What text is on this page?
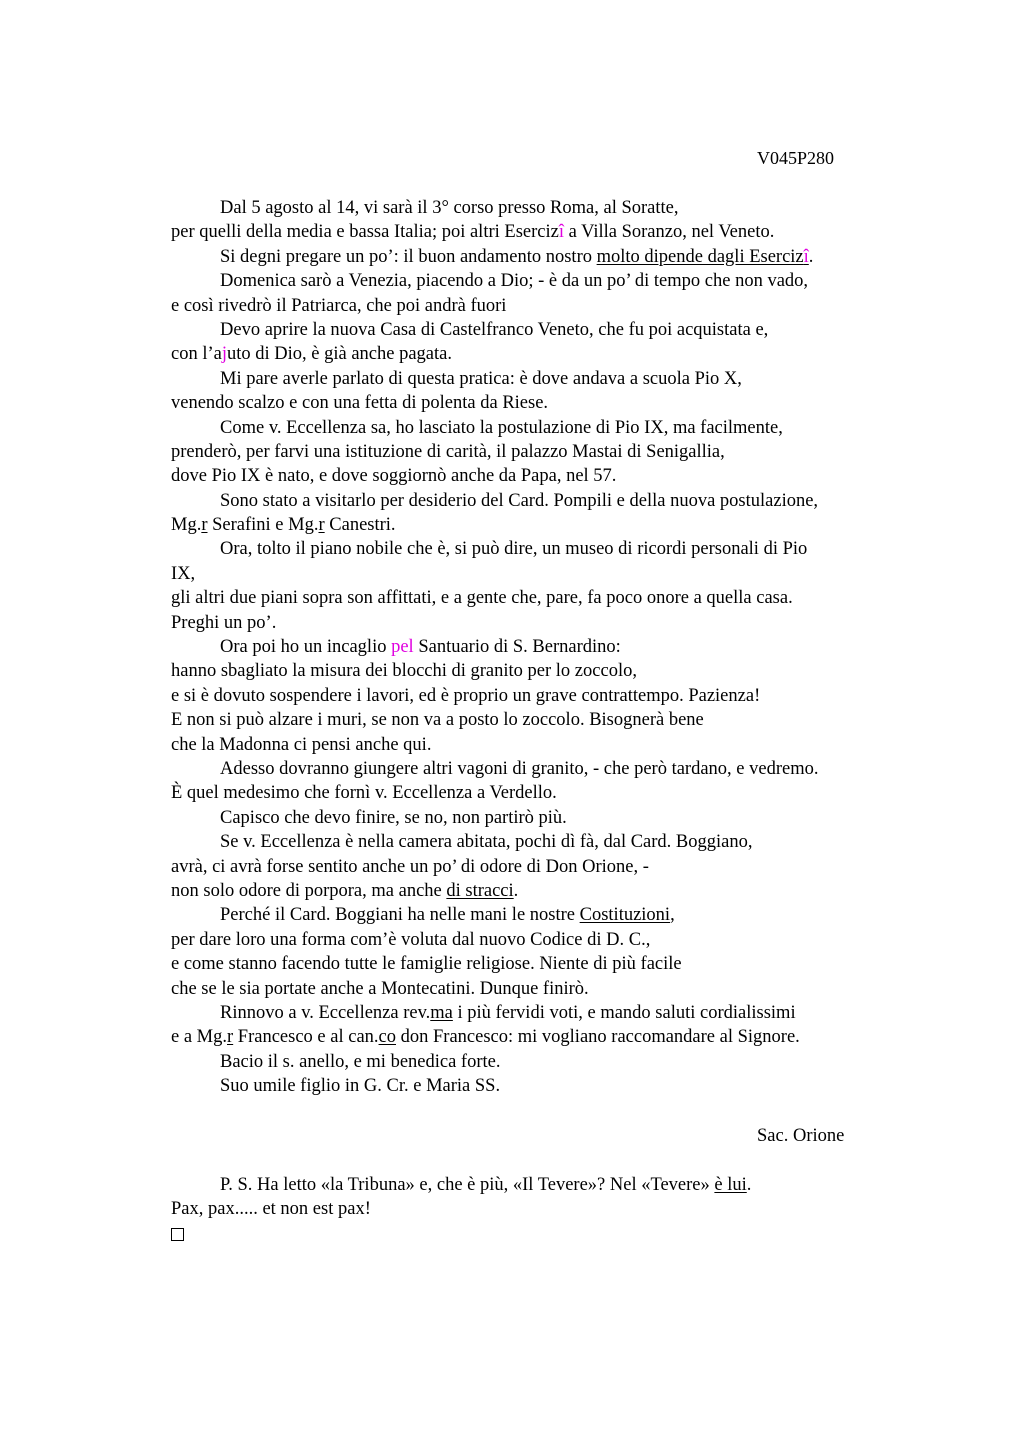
V045P280
Dal 5 agosto al 14, vi sarà il 3° corso presso Roma, al Soratte,
per quelli della media e bassa Italia; poi altri Esercizî a Villa Soranzo, nel Veneto.
Si degni pregare un po’: il buon andamento nostro molto dipende dagli Esercizî.
Domenica sarò a Venezia, piacendo a Dio; - è da un po’ di tempo che non vado,
e così rivedrò il Patriarca, che poi andrà fuori
Devo aprire la nuova Casa di Castelfranco Veneto, che fu poi acquistata e,
con l’ajuto di Dio, è già anche pagata.
Mi pare averle parlato di questa pratica: è dove andava a scuola Pio X,
venendo scalzo e con una fetta di polenta da Riese.
Come v. Eccellenza sa, ho lasciato la postulazione di Pio IX, ma facilmente,
prenderò, per farvi una istituzione di carità, il palazzo Mastai di Senigallia,
dove Pio IX è nato, e dove soggiornò anche da Papa, nel 57.
Sono stato a visitarlo per desiderio del Card. Pompili e della nuova postulazione,
Mg.r Serafini e Mg.r Canestri.
Ora, tolto il piano nobile che è, si può dire, un museo di ricordi personali di Pio
IX,
gli altri due piani sopra son affittati, e a gente che, pare, fa poco onore a quella casa.
Preghi un po’.
Ora poi ho un incaglio pel Santuario di S. Bernardino:
hanno sbagliato la misura dei blocchi di granito per lo zoccolo,
e si è dovuto sospendere i lavori, ed è proprio un grave contrattempo. Pazienza!
E non si può alzare i muri, se non va a posto lo zoccolo. Bisognerà bene
che la Madonna ci pensi anche qui.
Adesso dovranno giungere altri vagoni di granito, - che però tardano, e vedremo.
È quel medesimo che fornì v. Eccellenza a Verdello.
Capisco che devo finire, se no, non partirò più.
Se v. Eccellenza è nella camera abitata, pochi dì fà, dal Card. Boggiano,
avrà, ci avrà forse sentito anche un po’ di odore di Don Orione, -
non solo odore di porpora, ma anche di stracci.
Perché il Card. Boggiani ha nelle mani le nostre Costituzioni,
per dare loro una forma com’è voluta dal nuovo Codice di D. C.,
e come stanno facendo tutte le famiglie religiose. Niente di più facile
che se le sia portate anche a Montecatini. Dunque finirò.
Rinnovo a v. Eccellenza rev.ma i più fervidi voti, e mando saluti cordialissimi
e a Mg.r Francesco e al can.co don Francesco: mi vogliano raccomandare al Signore.
Bacio il s. anello, e mi benedica forte.
Suo umile figlio in G. Cr. e Maria SS.
Sac. Orione
P. S. Ha letto «la Tribuna» e, che è più, «Il Tevere»? Nel «Tevere» è lui.
Pax, pax..... et non est pax!
